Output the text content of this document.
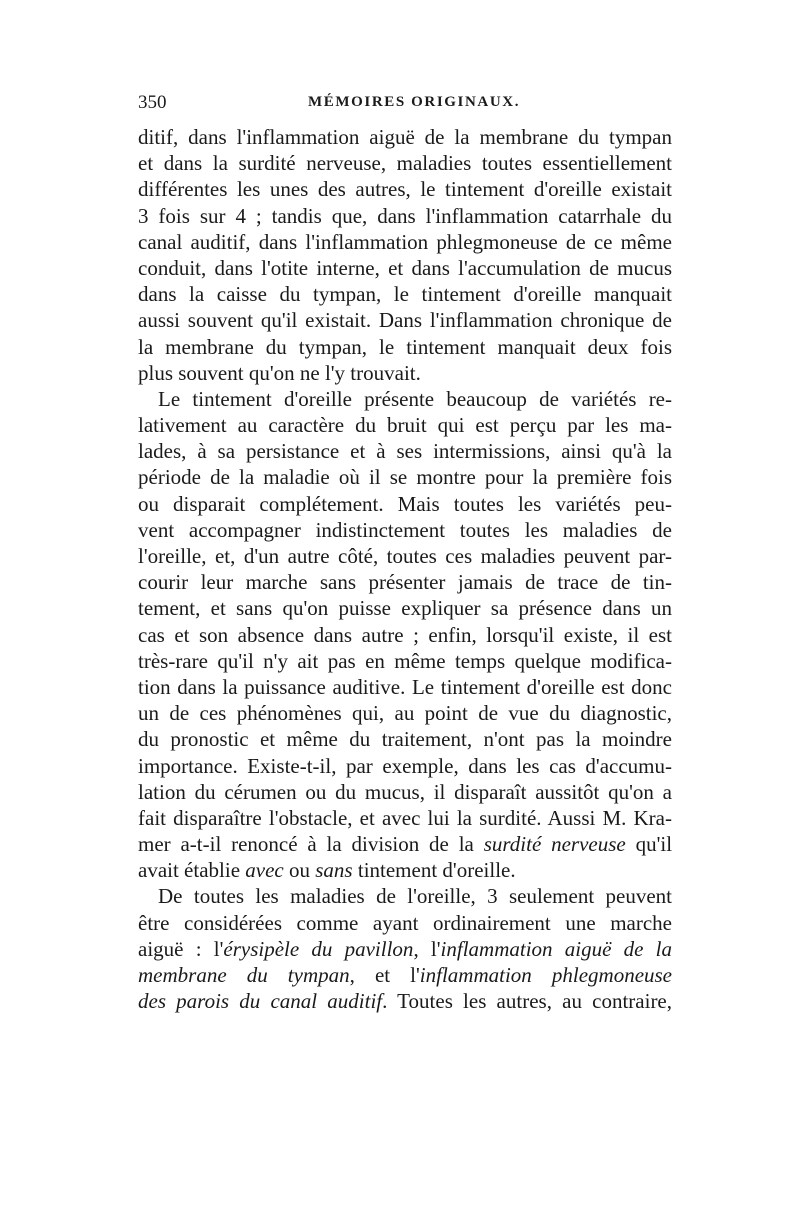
350	MÉMOIRES ORIGINAUX.
ditif, dans l'inflammation aiguë de la membrane du tympan
et dans la surdité nerveuse, maladies toutes essentiellement
différentes les unes des autres, le tintement d'oreille existait
3 fois sur 4 ; tandis que, dans l'inflammation catarrhale du
canal auditif, dans l'inflammation phlegmoneuse de ce même
conduit, dans l'otite interne, et dans l'accumulation de mucus
dans la caisse du tympan, le tintement d'oreille manquait
aussi souvent qu'il existait. Dans l'inflammation chronique de
la membrane du tympan, le tintement manquait deux fois
plus souvent qu'on ne l'y trouvait.
Le tintement d'oreille présente beaucoup de variétés re-
lativement au caractère du bruit qui est perçu par les ma-
lades, à sa persistance et à ses intermissions, ainsi qu'à la
période de la maladie où il se montre pour la première fois
ou disparait complétement. Mais toutes les variétés peu-
vent accompagner indistinctement toutes les maladies de
l'oreille, et, d'un autre côté, toutes ces maladies peuvent par-
courir leur marche sans présenter jamais de trace de tin-
tement, et sans qu'on puisse expliquer sa présence dans un
cas et son absence dans autre ; enfin, lorsqu'il existe, il est
très-rare qu'il n'y ait pas en même temps quelque modifica-
tion dans la puissance auditive. Le tintement d'oreille est donc
un de ces phénomènes qui, au point de vue du diagnostic,
du pronostic et même du traitement, n'ont pas la moindre
importance. Existe-t-il, par exemple, dans les cas d'accumu-
lation du cérumen ou du mucus, il disparaît aussitôt qu'on a
fait disparaître l'obstacle, et avec lui la surdité. Aussi M. Kra-
mer a-t-il renoncé à la division de la surdité nerveuse qu'il
avait établie avec ou sans tintement d'oreille.
De toutes les maladies de l'oreille, 3 seulement peuvent
être considérées comme ayant ordinairement une marche
aiguë : l'érysipèle du pavillon, l'inflammation aiguë de la
membrane du tympan, et l'inflammation phlegmoneuse
des parois du canal auditif. Toutes les autres, au contraire,
